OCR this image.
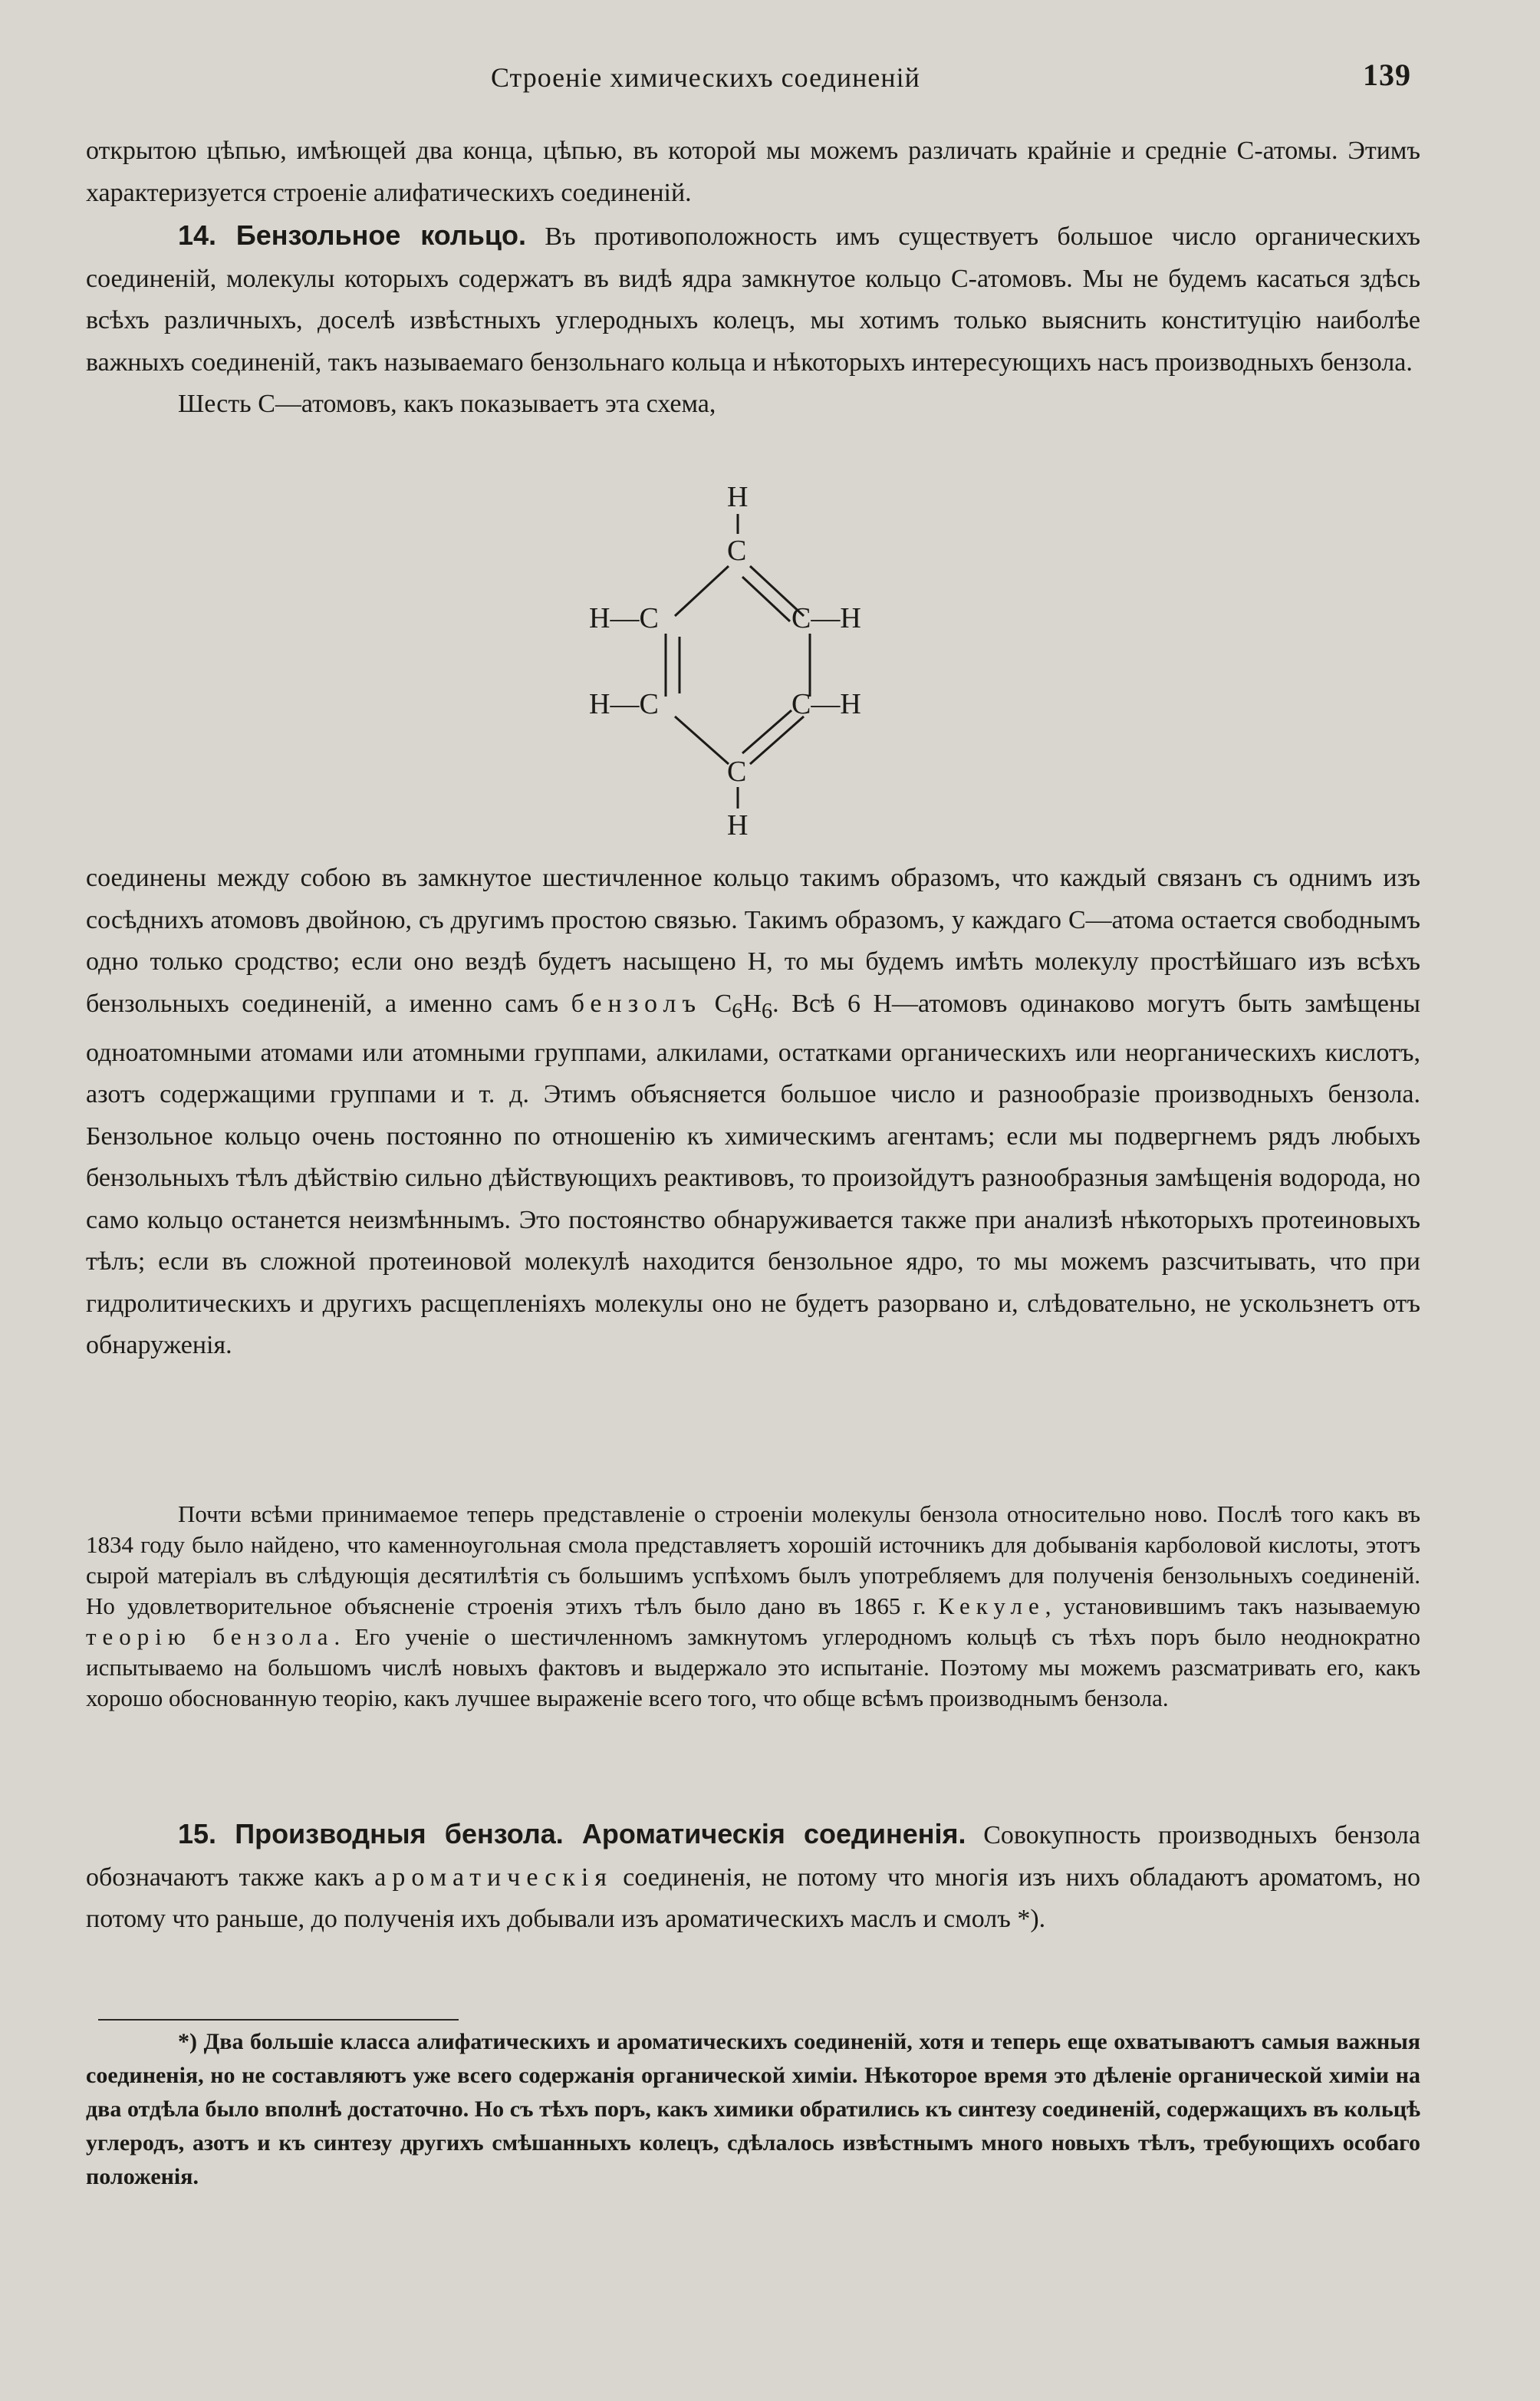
Строеніе химическихъ соединеній	139

открытою цѣпью, имѣющей два конца, цѣпью, въ которой мы можемъ различать крайніе и средніе С-атомы. Этимъ характеризуется строеніе алифатическихъ соединеній.

14. Бензольное кольцо. Въ противоположность имъ существуетъ большое число органическихъ соединеній, молекулы которыхъ содержатъ въ видѣ ядра замкнутое кольцо С-атомовъ. Мы не будемъ касаться здѣсь всѣхъ различныхъ, доселѣ извѣстныхъ углеродныхъ колецъ, мы хотимъ только выяснить конституцію наиболѣе важныхъ соединеній, такъ называемаго бензольнаго кольца и нѣкоторыхъ интересующихъ насъ производныхъ бензола.

Шесть С—атомовъ, какъ показываетъ эта схема,

H
C
H—C	C—H
H—C	C—H
C
H

соединены между собою въ замкнутое шестичленное кольцо такимъ образомъ, что каждый связанъ съ однимъ изъ сосѣднихъ атомовъ двойною, съ другимъ простою связью. Такимъ образомъ, у каждаго С—атома остается свободнымъ одно только сродство; если оно вездѣ будетъ насыщено Н, то мы будемъ имѣть молекулу простѣйшаго изъ всѣхъ бензольныхъ соединеній, а именно самъ бензолъ $C_6H_6$. Всѣ 6 Н—атомовъ одинаково могутъ быть замѣщены одноатомными атомами или атомными группами, алкилами, остатками органическихъ или неорганическихъ кислотъ, азотъ содержащими группами и т. д. Этимъ объясняется большое число и разнообразіе производныхъ бензола. Бензольное кольцо очень постоянно по отношенію къ химическимъ агентамъ; если мы подвергнемъ рядъ любыхъ бензольныхъ тѣлъ дѣйствію сильно дѣйствующихъ реактивовъ, то произойдутъ разнообразныя замѣщенія водорода, но само кольцо останется неизмѣннымъ. Это постоянство обнаруживается также при анализѣ нѣкоторыхъ протеиновыхъ тѣлъ; если въ сложной протеиновой молекулѣ находится бензольное ядро, то мы можемъ разсчитывать, что при гидролитическихъ и другихъ расщепленіяхъ молекулы оно не будетъ разорвано и, слѣдовательно, не ускользнетъ отъ обнаруженія.

Почти всѣми принимаемое теперь представленіе о строеніи молекулы бензола относительно ново. Послѣ того какъ въ 1834 году было найдено, что каменноугольная смола представляетъ хорошій источникъ для добыванія карболовой кислоты, этотъ сырой матеріалъ въ слѣдующія десятилѣтія съ большимъ успѣхомъ былъ употребляемъ для полученія бензольныхъ соединеній. Но удовлетворительное объясненіе строенія этихъ тѣлъ было дано въ 1865 г. Кекуле, установившимъ такъ называемую теорію бензола. Его ученіе о шестичленномъ замкнутомъ углеродномъ кольцѣ съ тѣхъ поръ было неоднократно испытываемо на большомъ числѣ новыхъ фактовъ и выдержало это испытаніе. Поэтому мы можемъ разсматривать его, какъ хорошо обоснованную теорію, какъ лучшее выраженіе всего того, что обще всѣмъ производнымъ бензола.

15. Производныя бензола. Ароматическія соединенія. Совокупность производныхъ бензола обозначаютъ также какъ ароматическія соединенія, не потому что многія изъ нихъ обладаютъ ароматомъ, но потому что раньше, до полученія ихъ добывали изъ ароматическихъ маслъ и смолъ *).

*) Два большіе класса алифатическихъ и ароматическихъ соединеній, хотя и теперь еще охватываютъ самыя важныя соединенія, но не составляютъ уже всего содержанія органической химіи. Нѣкоторое время это дѣленіе органической химіи на два отдѣла было вполнѣ достаточно. Но съ тѣхъ поръ, какъ химики обратились къ синтезу соединеній, содержащихъ въ кольцѣ углеродъ, азотъ и къ синтезу другихъ смѣшанныхъ колецъ, сдѣлалось извѣстнымъ много новыхъ тѣлъ, требующихъ особаго положенія.
